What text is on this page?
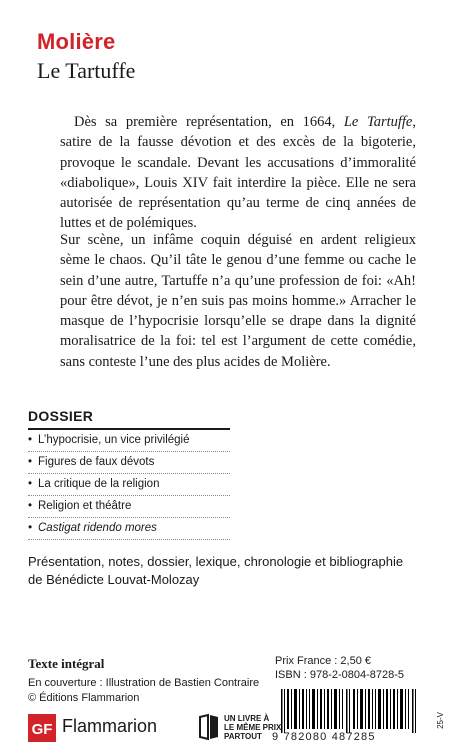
Molière
Le Tartuffe
Dès sa première représentation, en 1664, Le Tartuffe, satire de la fausse dévotion et des excès de la bigoterie, provoque le scandale. Devant les accusations d’immoralité «diabolique», Louis XIV fait interdire la pièce. Elle ne sera autorisée de représentation qu’au terme de cinq années de luttes et de polémiques.
Sur scène, un infâme coquin déguisé en ardent religieux sème le chaos. Qu’il tâte le genou d’une femme ou cache le sein d’une autre, Tartuffe n’a qu’une profession de foi: «Ah! pour être dévot, je n’en suis pas moins homme.» Arracher le masque de l’hypocrisie lorsqu’elle se drape dans la dignité moralisatrice de la foi: tel est l’argument de cette comédie, sans conteste l’une des plus acides de Molière.
DOSSIER
• L’hypocrisie, un vice privilégié
• Figures de faux dévots
• La critique de la religion
• Religion et théâtre
• Castigat ridendo mores
Présentation, notes, dossier, lexique, chronologie et bibliographie
de Bénédicte Louvat-Molozay
Texte intégral
En couverture : Illustration de Bastien Contraire
© Éditions Flammarion
Prix France : 2,50 €
ISBN : 978-2-0804-8728-5
9 782080 487285
GF Flammarion	UN LIVRE À
LE MÊME PRIX
PARTOUT
25-V
